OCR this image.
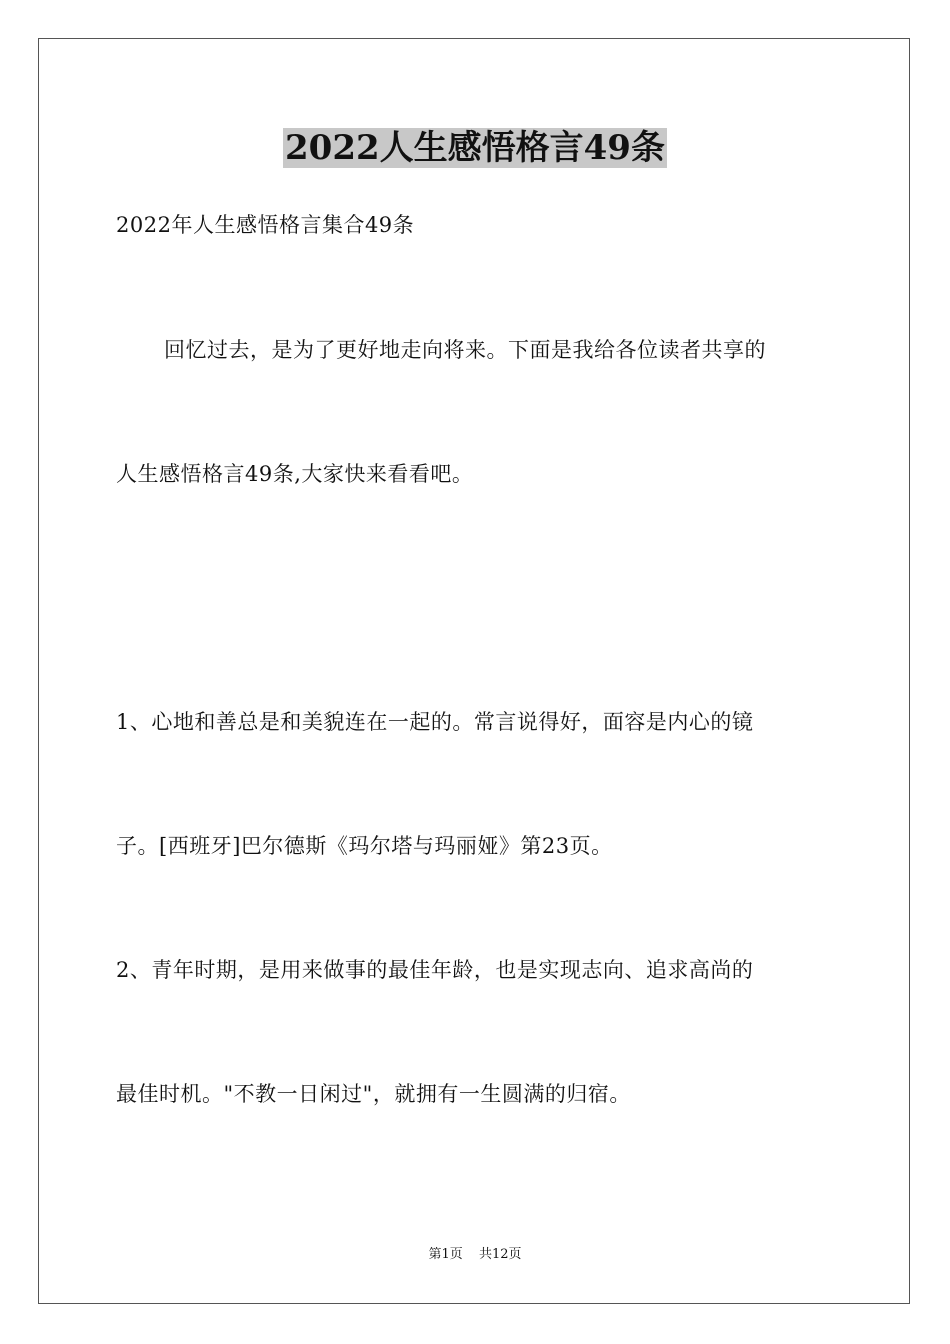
2022人生感悟格言49条
2022年人生感悟格言集合49条
回忆过去，是为了更好地走向将来。下面是我给各位读者共享的
人生感悟格言49条,大家快来看看吧。
1、心地和善总是和美貌连在一起的。常言说得好，面容是内心的镜
子。[西班牙]巴尔德斯《玛尔塔与玛丽娅》第23页。
2、青年时期，是用来做事的最佳年龄，也是实现志向、追求高尚的
最佳时机。"不教一日闲过"，就拥有一生圆满的归宿。
第1页 共12页
